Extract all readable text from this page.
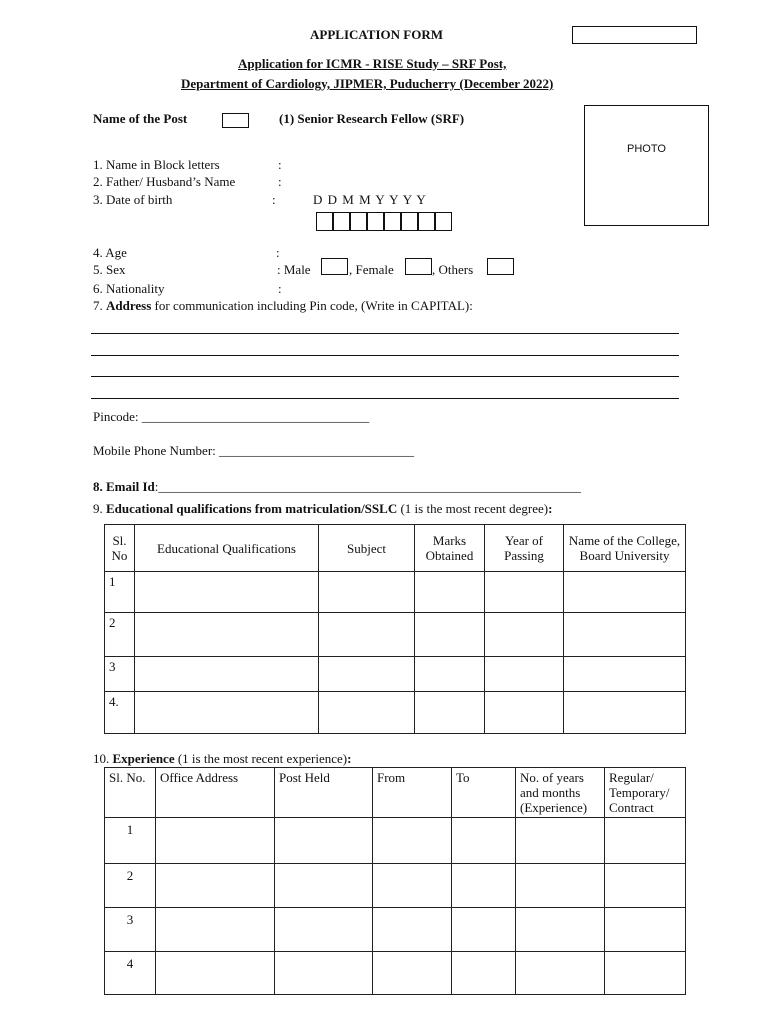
APPLICATION FORM
Application for ICMR - RISE Study – SRF Post,
Department of Cardiology, JIPMER, Puducherry (December 2022)
Name of the Post	(1) Senior Research Fellow (SRF)
PHOTO
1. Name in Block letters	:
2. Father/ Husband’s Name	:
3. Date of birth	:	D D M M Y Y Y Y
4. Age	:
5. Sex	: Male	, Female	, Others
6. Nationality	:
7. Address for communication including Pin code, (Write in CAPITAL):
Pincode: ___________________________________
Mobile Phone Number: ______________________________
8. Email Id:_________________________________________________________________
9. Educational qualifications from matriculation/SSLC (1 is the most recent degree):
Sl. No	Educational Qualifications	Subject	Marks Obtained	Year of Passing	Name of the College, Board University
1					
2					
3					
4.					
10. Experience (1 is the most recent experience):
Sl. No.	Office Address	Post Held	From	To	No. of years and months (Experience)	Regular/ Temporary/ Contract
1						
2						
3						
4						
